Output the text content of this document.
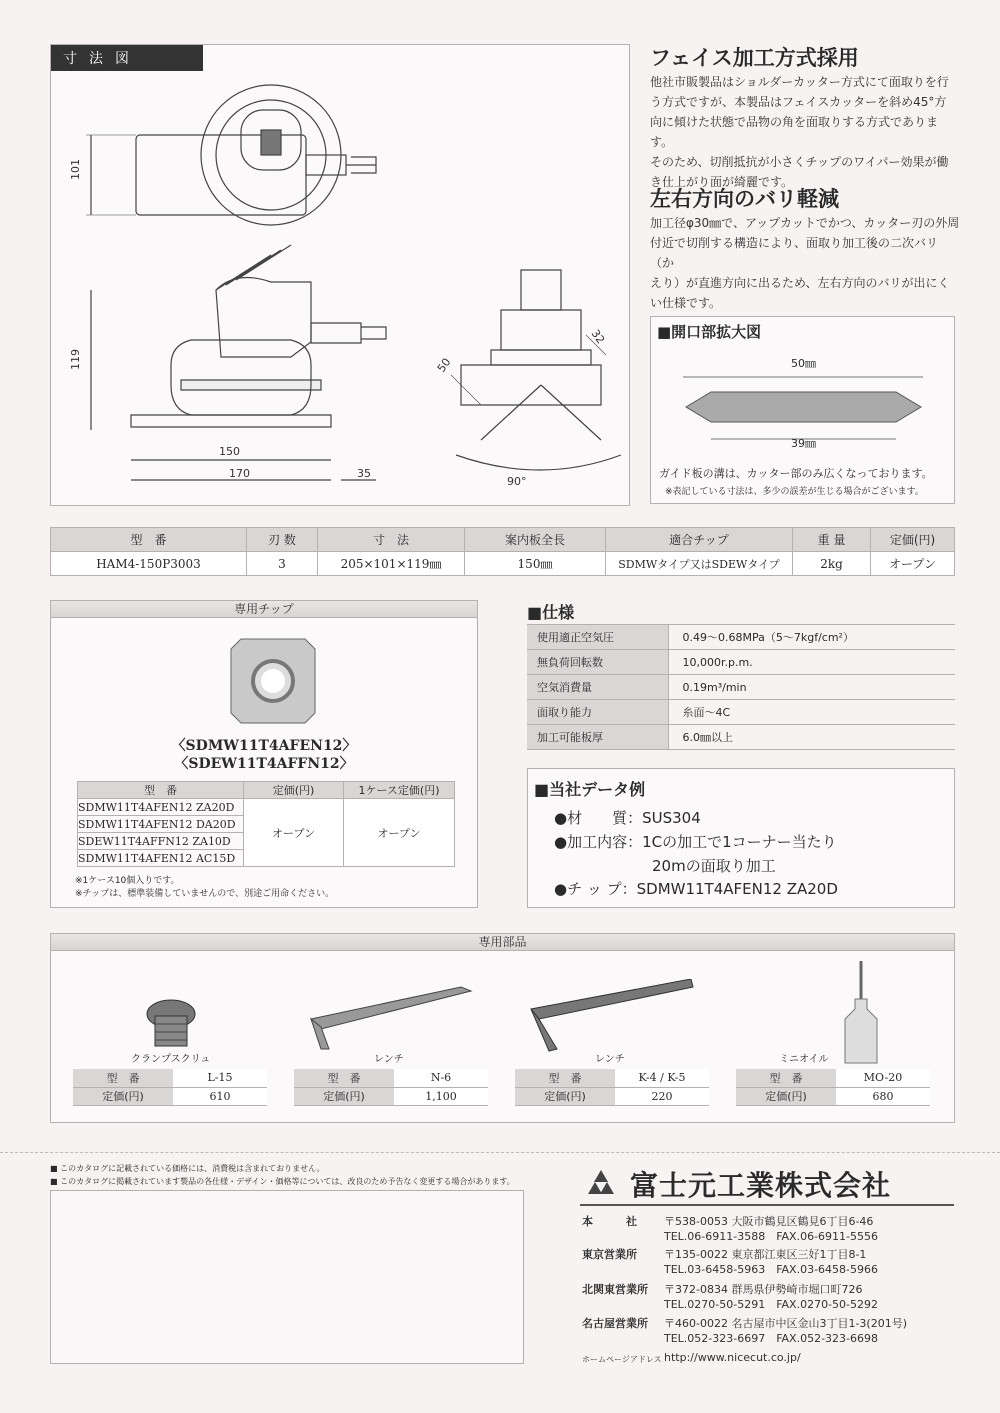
寸法図
101
119
150
170	35
50
32
90°
フェイス加工方式採用
他社市販製品はショルダーカッター方式にて面取りを行
う方式ですが、本製品はフェイスカッターを斜め45°方
向に傾けた状態で品物の角を面取りする方式であります。
そのため、切削抵抗が小さくチップのワイパー効果が働
き仕上がり面が綺麗です。
左右方向のバリ軽減
加工径φ30㎜で、アップカットでかつ、カッター刃の外周
付近で切削する構造により、面取り加工後の二次バリ（か
えり）が直進方向に出るため、左右方向のバリが出にく
い仕様です。
■開口部拡大図
50㎜
39㎜
ガイド板の溝は、カッター部のみ広くなっております。
※表記している寸法は、多少の誤差が生じる場合がございます。
型　番	刃 数	寸　法	案内板全長	適合チップ	重 量	定価(円)
HAM4-150P3003	3	205×101×119㎜	150㎜	SDMWタイプ又はSDEWタイプ	2kg	オープン
専用チップ
〈SDMW11T4AFEN12〉
〈SDEW11T4AFFN12〉
型　番	定価(円)	1ケース定価(円)
SDMW11T4AFEN12 ZA20D	オープン	オープン
SDMW11T4AFEN12 DA20D		
SDEW11T4AFFN12 ZA10D		
SDMW11T4AFEN12 AC15D		
※1ケース10個入りです。
※チップは、標準装備していませんので、別途ご用命ください。
■仕様
使用適正空気圧	0.49～0.68MPa（5～7kgf/cm²）
無負荷回転数	10,000r.p.m.
空気消費量	0.19m³/min
面取り能力	糸面～4C
加工可能板厚	6.0㎜以上
■当社データ例
●材　　質：SUS304
●加工内容：1Cの加工で1コーナー当たり
20mの面取り加工
●チ ッ プ：SDMW11T4AFEN12 ZA20D
専用部品
クランプスクリュ	レンチ	レンチ	ミニオイル
型　番	L-15
定価(円)	610
型　番	N-6
定価(円)	1,100
型　番	K-4 / K-5
定価(円)	220
型　番	MO-20
定価(円)	680
■ このカタログに記載されている価格には、消費税は含まれておりません。
■ このカタログに掲載されています製品の各仕様・デザイン・価格等については、改良のため予告なく変更する場合があります。	富士元工業株式会社
本　　　社 〒538-0053 大阪市鶴見区鶴見6丁目6-46
TEL.06-6911-3588　FAX.06-6911-5556
東京営業所 〒135-0022 東京都江東区三好1丁目8-1
TEL.03-6458-5963　FAX.03-6458-5966
北関東営業所 〒372-0834 群馬県伊勢崎市堀口町726
TEL.0270-50-5291　FAX.0270-50-5292
名古屋営業所 〒460-0022 名古屋市中区金山3丁目1-3(201号)
TEL.052-323-6697　FAX.052-323-6698
ホームページアドレス http://www.nicecut.co.jp/
